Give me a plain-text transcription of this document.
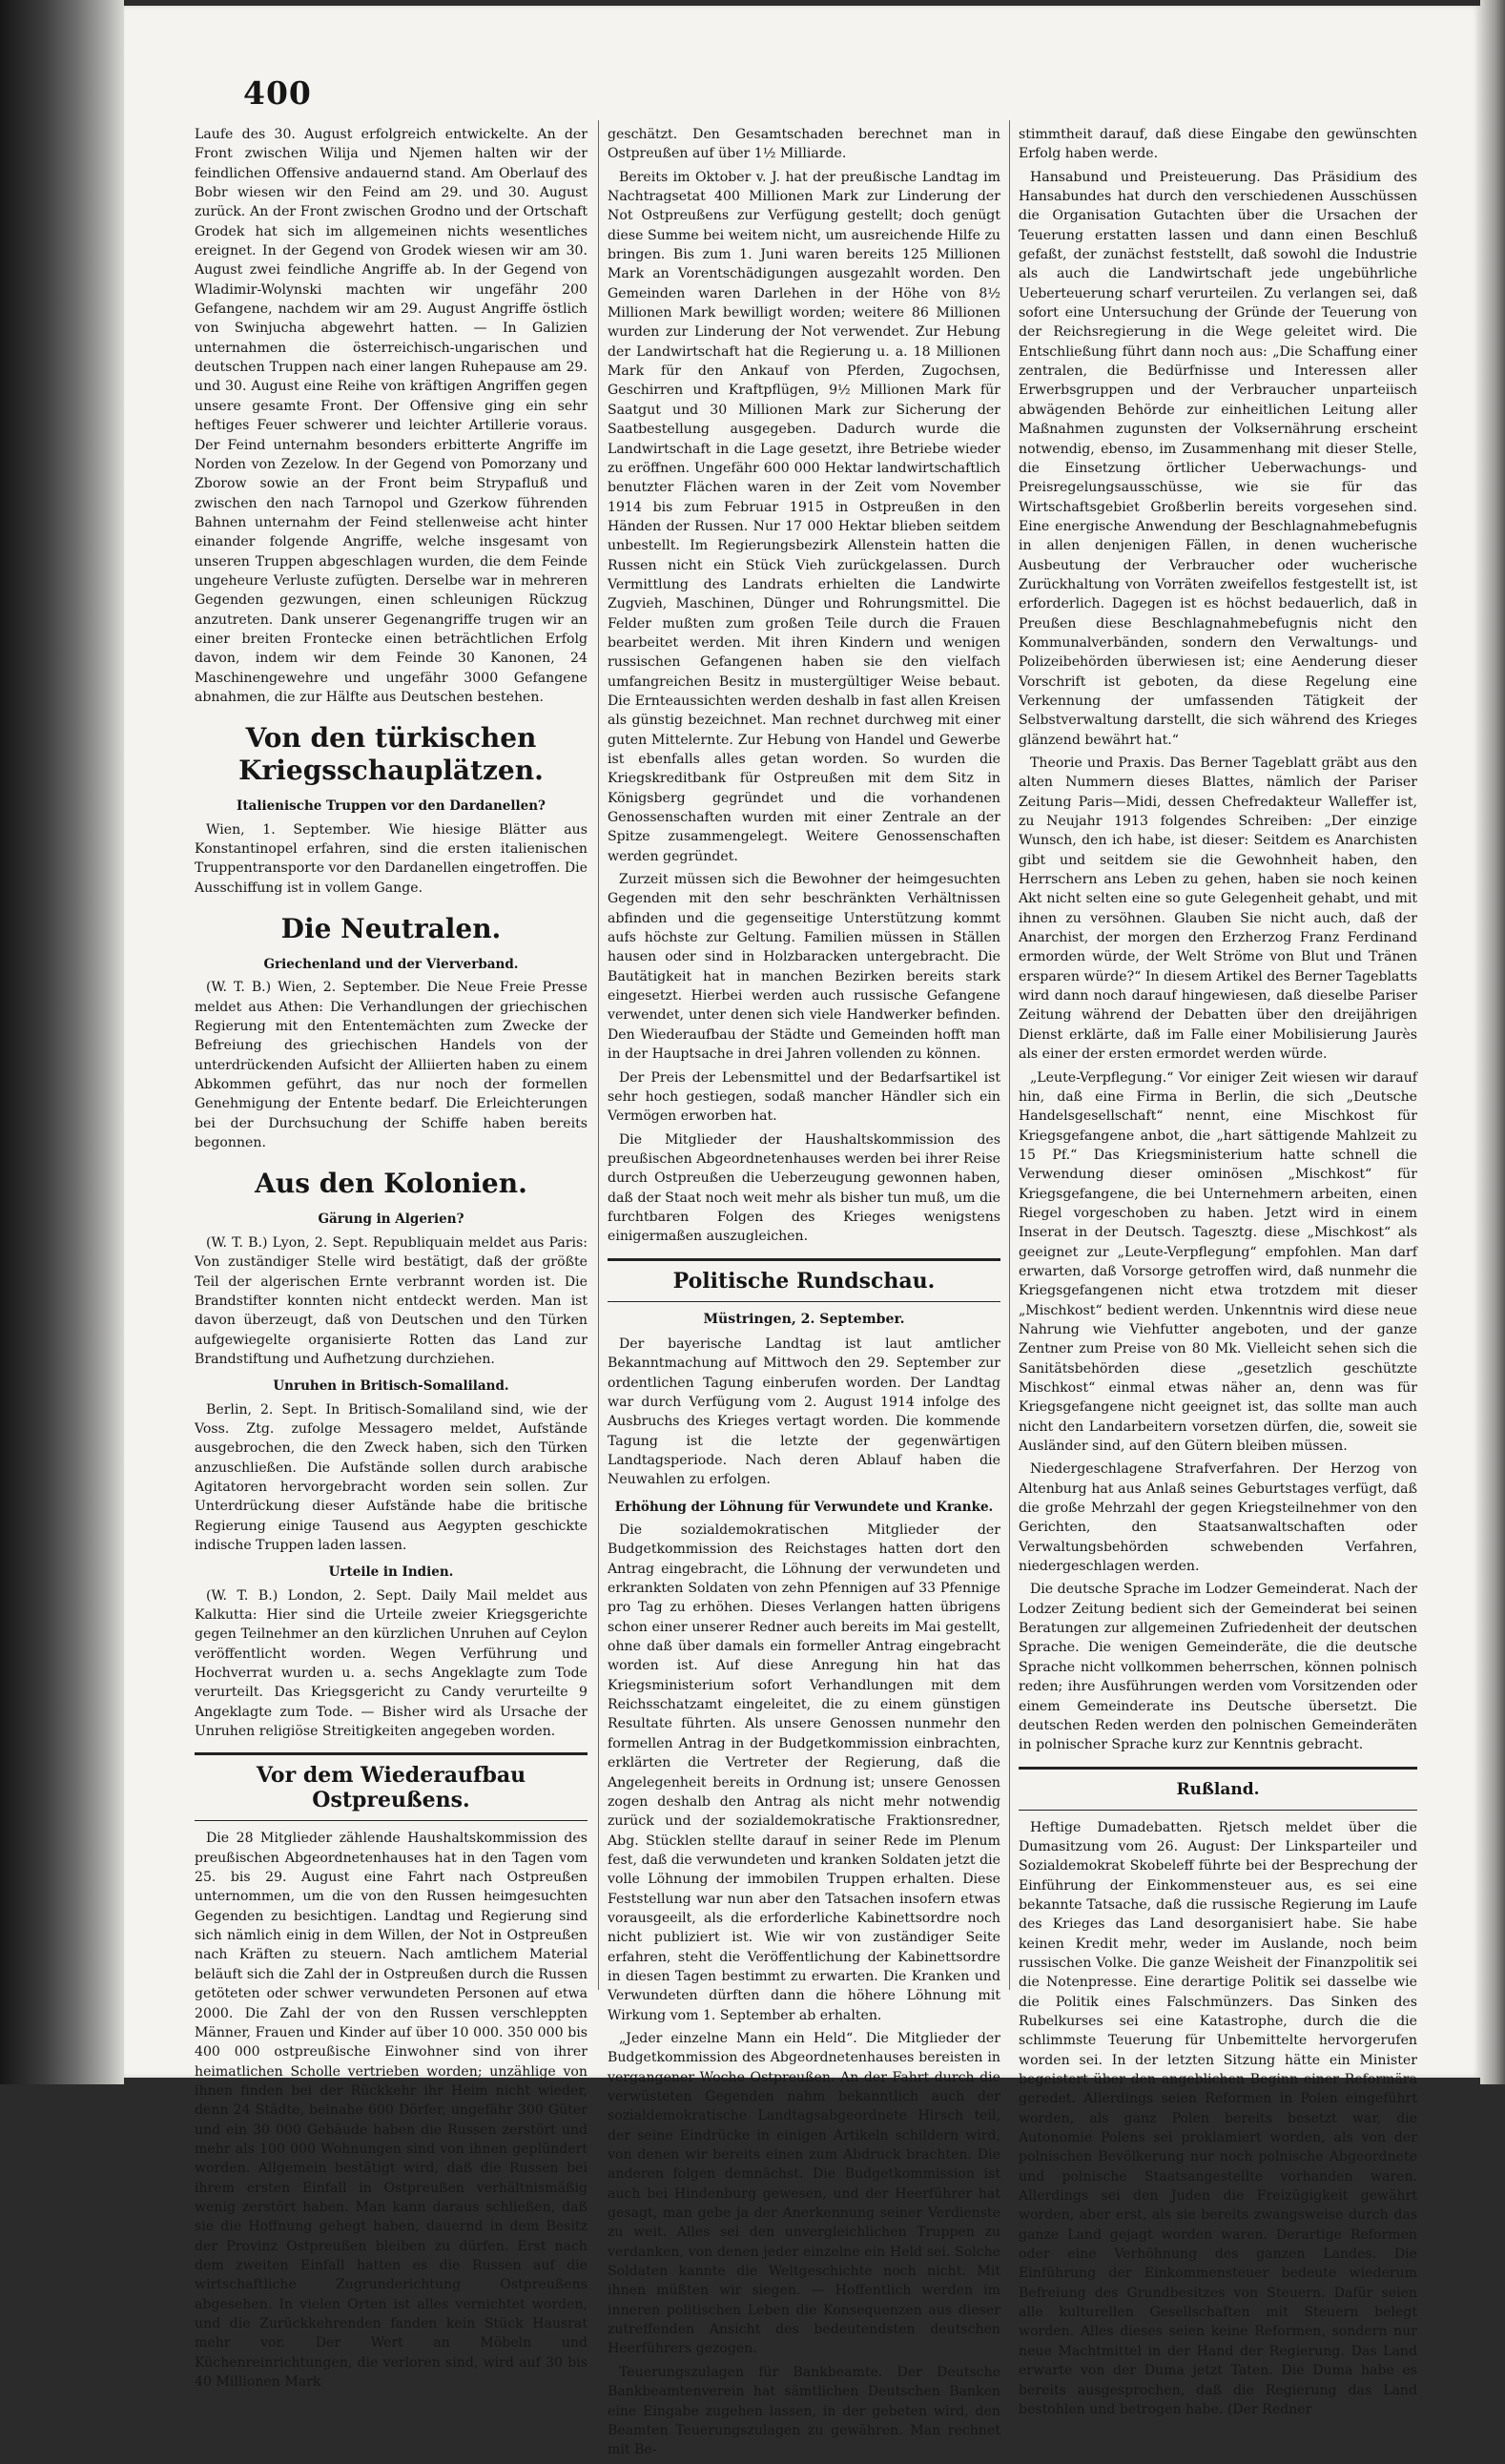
400

Laufe des 30. August erfolgreich entwickelte. An der Front zwischen Wilija und Njemen halten wir der feindlichen Offensive andauernd stand. Am Oberlauf des Bobr wiesen wir den Feind am 29. und 30. August zurück. An der Front zwischen Grodno und der Ortschaft Grodek hat sich im allgemeinen nichts wesentliches ereignet. In der Gegend von Grodek wiesen wir am 30. August zwei feindliche Angriffe ab. In der Gegend von Wladimir-Wolynski machten wir ungefähr 200 Gefangene, nachdem wir am 29. August Angriffe östlich von Swinjucha abgewehrt hatten. — In Galizien unternahmen die österreichisch-ungarischen und deutschen Truppen nach einer langen Ruhepause am 29. und 30. August eine Reihe von kräftigen Angriffen gegen unsere gesamte Front. Der Offensive ging ein sehr heftiges Feuer schwerer und leichter Artillerie voraus. Der Feind unternahm besonders erbitterte Angriffe im Norden von Zezelow. In der Gegend von Pomorzany und Zborow sowie an der Front beim Strypafluß und zwischen den nach Tarnopol und Gzerkow führenden Bahnen unternahm der Feind stellenweise acht hinter einander folgende Angriffe, welche insgesamt von unseren Truppen abgeschlagen wurden, die dem Feinde ungeheure Verluste zufügten. Derselbe war in mehreren Gegenden gezwungen, einen schleunigen Rückzug anzutreten. Dank unserer Gegenangriffe trugen wir an einer breiten Frontecke einen beträchtlichen Erfolg davon, indem wir dem Feinde 30 Kanonen, 24 Maschinengewehre und ungefähr 3000 Gefangene abnahmen, die zur Hälfte aus Deutschen bestehen.

Von den türkischen Kriegsschauplätzen.
Italienische Truppen vor den Dardanellen?

Wien, 1. September. Wie hiesige Blätter aus Konstantinopel erfahren, sind die ersten italienischen Truppentransporte vor den Dardanellen eingetroffen. Die Ausschiffung ist in vollem Gange.

Die Neutralen.
Griechenland und der Vierverband.

(W. T. B.) Wien, 2. September. Die Neue Freie Presse meldet aus Athen: Die Verhandlungen der griechischen Regierung mit den Ententemächten zum Zwecke der Befreiung des griechischen Handels von der unterdrückenden Aufsicht der Alliierten haben zu einem Abkommen geführt, das nur noch der formellen Genehmigung der Entente bedarf. Die Erleichterungen bei der Durchsuchung der Schiffe haben bereits begonnen.

Aus den Kolonien.
Gärung in Algerien?

(W. T. B.) Lyon, 2. Sept. Republiquain meldet aus Paris: Von zuständiger Stelle wird bestätigt, daß der größte Teil der algerischen Ernte verbrannt worden ist. Die Brandstifter konnten nicht entdeckt werden. Man ist davon überzeugt, daß von Deutschen und den Türken aufgewiegelte organisierte Rotten das Land zur Brandstiftung und Aufhetzung durchziehen.

Unruhen in Britisch-Somaliland.

Berlin, 2. Sept. In Britisch-Somaliland sind, wie der Voss. Ztg. zufolge Messagero meldet, Aufstände ausgebrochen, die den Zweck haben, sich den Türken anzuschließen. Die Aufstände sollen durch arabische Agitatoren hervorgebracht worden sein sollen. Zur Unterdrückung dieser Aufstände habe die britische Regierung einige Tausend aus Aegypten geschickte indische Truppen laden lassen.

Urteile in Indien.

(W. T. B.) London, 2. Sept. Daily Mail meldet aus Kalkutta: Hier sind die Urteile zweier Kriegsgerichte gegen Teilnehmer an den kürzlichen Unruhen auf Ceylon veröffentlicht worden. Wegen Verführung und Hochverrat wurden u. a. sechs Angeklagte zum Tode verurteilt. Das Kriegsgericht zu Candy verurteilte 9 Angeklagte zum Tode. — Bisher wird als Ursache der Unruhen religiöse Streitigkeiten angegeben worden.

Vor dem Wiederaufbau Ostpreußens.

Die 28 Mitglieder zählende Haushaltskommission des preußischen Abgeordnetenhauses hat in den Tagen vom 25. bis 29. August eine Fahrt nach Ostpreußen unternommen, um die von den Russen heimgesuchten Gegenden zu besichtigen. Landtag und Regierung sind sich nämlich einig in dem Willen, der Not in Ostpreußen nach Kräften zu steuern. Nach amtlichem Material beläuft sich die Zahl der in Ostpreußen durch die Russen getöteten oder schwer verwundeten Personen auf etwa 2000. Die Zahl der von den Russen verschleppten Männer, Frauen und Kinder auf über 10 000. 350 000 bis 400 000 ostpreußische Einwohner sind von ihrer heimatlichen Scholle vertrieben worden; unzählige von ihnen finden bei der Rückkehr ihr Heim nicht wieder, denn 24 Städte, beinahe 600 Dörfer, ungefähr 300 Güter und ein 30 000 Gebäude haben die Russen zerstört und mehr als 100 000 Wohnungen sind von ihnen geplündert worden. Allgemein bestätigt wird, daß die Russen bei ihrem ersten Einfall in Ostpreußen verhältnismäßig wenig zerstört haben. Man kann daraus schließen, daß sie die Hoffnung gehegt haben, dauernd in dem Besitz der Provinz Ostpreußen bleiben zu dürfen. Erst nach dem zweiten Einfall hatten es die Russen auf die wirtschaftliche Zugrunderichtung Ostpreußens abgesehen. In vielen Orten ist alles vernichtet worden, und die Zurückkehrenden fanden kein Stück Hausrat mehr vor. Der Wert an Möbeln und Küchenreinrichtungen, die verloren sind, wird auf 30 bis 40 Millionen Mark

geschätzt. Den Gesamtschaden berechnet man in Ostpreußen auf über 1½ Milliarde.

Bereits im Oktober v. J. hat der preußische Landtag im Nachtragsetat 400 Millionen Mark zur Linderung der Not Ostpreußens zur Verfügung gestellt; doch genügt diese Summe bei weitem nicht, um ausreichende Hilfe zu bringen. Bis zum 1. Juni waren bereits 125 Millionen Mark an Vorentschädigungen ausgezahlt worden. Den Gemeinden waren Darlehen in der Höhe von 8½ Millionen Mark bewilligt worden; weitere 86 Millionen wurden zur Linderung der Not verwendet. Zur Hebung der Landwirtschaft hat die Regierung u. a. 18 Millionen Mark für den Ankauf von Pferden, Zugochsen, Geschirren und Kraftpflügen, 9½ Millionen Mark für Saatgut und 30 Millionen Mark zur Sicherung der Saatbestellung ausgegeben. Dadurch wurde die Landwirtschaft in die Lage gesetzt, ihre Betriebe wieder zu eröffnen. Ungefähr 600 000 Hektar landwirtschaftlich benutzter Flächen waren in der Zeit vom November 1914 bis zum Februar 1915 in Ostpreußen in den Händen der Russen. Nur 17 000 Hektar blieben seitdem unbestellt. Im Regierungsbezirk Allenstein hatten die Russen nicht ein Stück Vieh zurückgelassen. Durch Vermittlung des Landrats erhielten die Landwirte Zugvieh, Maschinen, Dünger und Rohrungsmittel. Die Felder mußten zum großen Teile durch die Frauen bearbeitet werden. Mit ihren Kindern und wenigen russischen Gefangenen haben sie den vielfach umfangreichen Besitz in mustergültiger Weise bebaut. Die Ernteaussichten werden deshalb in fast allen Kreisen als günstig bezeichnet. Man rechnet durchweg mit einer guten Mittelernte. Zur Hebung von Handel und Gewerbe ist ebenfalls alles getan worden. So wurden die Kriegskreditbank für Ostpreußen mit dem Sitz in Königsberg gegründet und die vorhandenen Genossenschaften wurden mit einer Zentrale an der Spitze zusammengelegt. Weitere Genossenschaften werden gegründet.

Zurzeit müssen sich die Bewohner der heimgesuchten Gegenden mit den sehr beschränkten Verhältnissen abfinden und die gegenseitige Unterstützung kommt aufs höchste zur Geltung. Familien müssen in Ställen hausen oder sind in Holzbaracken untergebracht. Die Bautätigkeit hat in manchen Bezirken bereits stark eingesetzt. Hierbei werden auch russische Gefangene verwendet, unter denen sich viele Handwerker befinden. Den Wiederaufbau der Städte und Gemeinden hofft man in der Hauptsache in drei Jahren vollenden zu können.

Der Preis der Lebensmittel und der Bedarfsartikel ist sehr hoch gestiegen, sodaß mancher Händler sich ein Vermögen erworben hat.

Die Mitglieder der Haushaltskommission des preußischen Abgeordnetenhauses werden bei ihrer Reise durch Ostpreußen die Ueberzeugung gewonnen haben, daß der Staat noch weit mehr als bisher tun muß, um die furchtbaren Folgen des Krieges wenigstens einigermaßen auszugleichen.

Politische Rundschau.
Müstringen, 2. September.

Der bayerische Landtag ist laut amtlicher Bekanntmachung auf Mittwoch den 29. September zur ordentlichen Tagung einberufen worden. Der Landtag war durch Verfügung vom 2. August 1914 infolge des Ausbruchs des Krieges vertagt worden. Die kommende Tagung ist die letzte der gegenwärtigen Landtagsperiode. Nach deren Ablauf haben die Neuwahlen zu erfolgen.

Erhöhung der Löhnung für Verwundete und Kranke.

Die sozialdemokratischen Mitglieder der Budgetkommission des Reichstages hatten dort den Antrag eingebracht, die Löhnung der verwundeten und erkrankten Soldaten von zehn Pfennigen auf 33 Pfennige pro Tag zu erhöhen. Dieses Verlangen hatten übrigens schon einer unserer Redner auch bereits im Mai gestellt, ohne daß über damals ein formeller Antrag eingebracht worden ist. Auf diese Anregung hin hat das Kriegsministerium sofort Verhandlungen mit dem Reichsschatzamt eingeleitet, die zu einem günstigen Resultate führten. Als unsere Genossen nunmehr den formellen Antrag in der Budgetkommission einbrachten, erklärten die Vertreter der Regierung, daß die Angelegenheit bereits in Ordnung ist; unsere Genossen zogen deshalb den Antrag als nicht mehr notwendig zurück und der sozialdemokratische Fraktionsredner, Abg. Stücklen stellte darauf in seiner Rede im Plenum fest, daß die verwundeten und kranken Soldaten jetzt die volle Löhnung der immobilen Truppen erhalten. Diese Feststellung war nun aber den Tatsachen insofern etwas vorausgeeilt, als die erforderliche Kabinettsordre noch nicht publiziert ist. Wie wir von zuständiger Seite erfahren, steht die Veröffentlichung der Kabinettsordre in diesen Tagen bestimmt zu erwarten. Die Kranken und Verwundeten dürften dann die höhere Löhnung mit Wirkung vom 1. September ab erhalten.

„Jeder einzelne Mann ein Held“. Die Mitglieder der Budgetkommission des Abgeordnetenhauses bereisten in vergangener Woche Ostpreußen. An der Fahrt durch die verwüsteten Gegenden nahm bekanntlich auch der sozialdemokratische Landtagsabgeordnete Hirsch teil, der seine Eindrücke in einigen Artikeln schildern wird, von denen wir bereits einen zum Abdruck brachten. Die anderen folgen demnächst. Die Budgetkommission ist auch bei Hindenburg gewesen, und der Heerführer hat gesagt, man gebe ja der Anerkennung seiner Verdienste zu weit. Alles sei den unvergleichlichen Truppen zu verdanken, von denen jeder einzelne ein Held sei. Solche Soldaten kannte die Weltgeschichte noch nicht. Mit ihnen müßten wir siegen. — Hoffentlich werden im inneren politischen Leben die Konsequenzen aus dieser zutreffenden Ansicht des bedeutendsten deutschen Heerführers gezogen.

Teuerungszulagen für Bankbeamte. Der Deutsche Bankbeamtenverein hat sämtlichen Deutschen Banken eine Eingabe zugehen lassen, in der gebeten wird, den Beamten Teuerungszulagen zu gewähren. Man rechnet mit Be-

stimmtheit darauf, daß diese Eingabe den gewünschten Erfolg haben werde.

Hansabund und Preisteuerung. Das Präsidium des Hansabundes hat durch den verschiedenen Ausschüssen die Organisation Gutachten über die Ursachen der Teuerung erstatten lassen und dann einen Beschluß gefaßt, der zunächst feststellt, daß sowohl die Industrie als auch die Landwirtschaft jede ungebührliche Ueberteuerung scharf verurteilen. Zu verlangen sei, daß sofort eine Untersuchung der Gründe der Teuerung von der Reichsregierung in die Wege geleitet wird. Die Entschließung führt dann noch aus: „Die Schaffung einer zentralen, die Bedürfnisse und Interessen aller Erwerbsgruppen und der Verbraucher unparteiisch abwägenden Behörde zur einheitlichen Leitung aller Maßnahmen zugunsten der Volksernährung erscheint notwendig, ebenso, im Zusammenhang mit dieser Stelle, die Einsetzung örtlicher Ueberwachungs- und Preisregelungsausschüsse, wie sie für das Wirtschaftsgebiet Großberlin bereits vorgesehen sind. Eine energische Anwendung der Beschlagnahmebefugnis in allen denjenigen Fällen, in denen wucherische Ausbeutung der Verbraucher oder wucherische Zurückhaltung von Vorräten zweifellos festgestellt ist, ist erforderlich. Dagegen ist es höchst bedauerlich, daß in Preußen diese Beschlagnahmebefugnis nicht den Kommunalverbänden, sondern den Verwaltungs- und Polizeibehörden überwiesen ist; eine Aenderung dieser Vorschrift ist geboten, da diese Regelung eine Verkennung der umfassenden Tätigkeit der Selbstverwaltung darstellt, die sich während des Krieges glänzend bewährt hat.“

Theorie und Praxis. Das Berner Tageblatt gräbt aus den alten Nummern dieses Blattes, nämlich der Pariser Zeitung Paris—Midi, dessen Chefredakteur Walleffer ist, zu Neujahr 1913 folgendes Schreiben: „Der einzige Wunsch, den ich habe, ist dieser: Seitdem es Anarchisten gibt und seitdem sie die Gewohnheit haben, den Herrschern ans Leben zu gehen, haben sie noch keinen Akt nicht selten eine so gute Gelegenheit gehabt, und mit ihnen zu versöhnen. Glauben Sie nicht auch, daß der Anarchist, der morgen den Erzherzog Franz Ferdinand ermorden würde, der Welt Ströme von Blut und Tränen ersparen würde?“ In diesem Artikel des Berner Tageblatts wird dann noch darauf hingewiesen, daß dieselbe Pariser Zeitung während der Debatten über den dreijährigen Dienst erklärte, daß im Falle einer Mobilisierung Jaurès als einer der ersten ermordet werden würde.

„Leute-Verpflegung.“ Vor einiger Zeit wiesen wir darauf hin, daß eine Firma in Berlin, die sich „Deutsche Handelsgesellschaft“ nennt, eine Mischkost für Kriegsgefangene anbot, die „hart sättigende Mahlzeit zu 15 Pf.“ Das Kriegsministerium hatte schnell die Verwendung dieser ominösen „Mischkost“ für Kriegsgefangene, die bei Unternehmern arbeiten, einen Riegel vorgeschoben zu haben. Jetzt wird in einem Inserat in der Deutsch. Tagesztg. diese „Mischkost“ als geeignet zur „Leute-Verpflegung“ empfohlen. Man darf erwarten, daß Vorsorge getroffen wird, daß nunmehr die Kriegsgefangenen nicht etwa trotzdem mit dieser „Mischkost“ bedient werden. Unkenntnis wird diese neue Nahrung wie Viehfutter angeboten, und der ganze Zentner zum Preise von 80 Mk. Vielleicht sehen sich die Sanitätsbehörden diese „gesetzlich geschützte Mischkost“ einmal etwas näher an, denn was für Kriegsgefangene nicht geeignet ist, das sollte man auch nicht den Landarbeitern vorsetzen dürfen, die, soweit sie Ausländer sind, auf den Gütern bleiben müssen.

Niedergeschlagene Strafverfahren. Der Herzog von Altenburg hat aus Anlaß seines Geburtstages verfügt, daß die große Mehrzahl der gegen Kriegsteilnehmer von den Gerichten, den Staatsanwaltschaften oder Verwaltungsbehörden schwebenden Verfahren, niedergeschlagen werden.

Die deutsche Sprache im Lodzer Gemeinderat. Nach der Lodzer Zeitung bedient sich der Gemeinderat bei seinen Beratungen zur allgemeinen Zufriedenheit der deutschen Sprache. Die wenigen Gemeinderäte, die die deutsche Sprache nicht vollkommen beherrschen, können polnisch reden; ihre Ausführungen werden vom Vorsitzenden oder einem Gemeinderate ins Deutsche übersetzt. Die deutschen Reden werden den polnischen Gemeinderäten in polnischer Sprache kurz zur Kenntnis gebracht.

Rußland.

Heftige Dumadebatten. Rjetsch meldet über die Dumasitzung vom 26. August: Der Linksparteiler und Sozialdemokrat Skobeleff führte bei der Besprechung der Einführung der Einkommensteuer aus, es sei eine bekannte Tatsache, daß die russische Regierung im Laufe des Krieges das Land desorganisiert habe. Sie habe keinen Kredit mehr, weder im Auslande, noch beim russischen Volke. Die ganze Weisheit der Finanzpolitik sei die Notenpresse. Eine derartige Politik sei dasselbe wie die Politik eines Falschmünzers. Das Sinken des Rubelkurses sei eine Katastrophe, durch die die schlimmste Teuerung für Unbemittelte hervorgerufen worden sei. In der letzten Sitzung hätte ein Minister begeistert über den angeblichen Beginn einer Reformära geredet. Allerdings seien Reformen in Polen eingeführt worden, als ganz Polen bereits besetzt war, die Autonomie Polens sei proklamiert worden, als von der polnischen Bevölkerung nur noch polnische Abgeordnete und polnische Staatsangestellte vorhanden waren. Allerdings sei den Juden die Freizügigkeit gewährt worden, aber erst, als sie bereits zwangsweise durch das ganze Land gejagt worden waren. Derartige Reformen oder eine Verhöhnung des ganzen Landes. Die Einführung der Einkommensteuer bedeute wiederum Befreiung des Grundbesitzes von Steuern. Dafür seien alle kulturellen Gesellschaften mit Steuern belegt worden. Alles dieses seien keine Reformen, sondern nur neue Machtmittel in der Hand der Regierung. Das Land erwarte von der Duma jetzt Taten. Die Duma habe es bereits ausgesprochen, daß die Regierung das Land bestohlen und betrogen habe. (Der Redner
